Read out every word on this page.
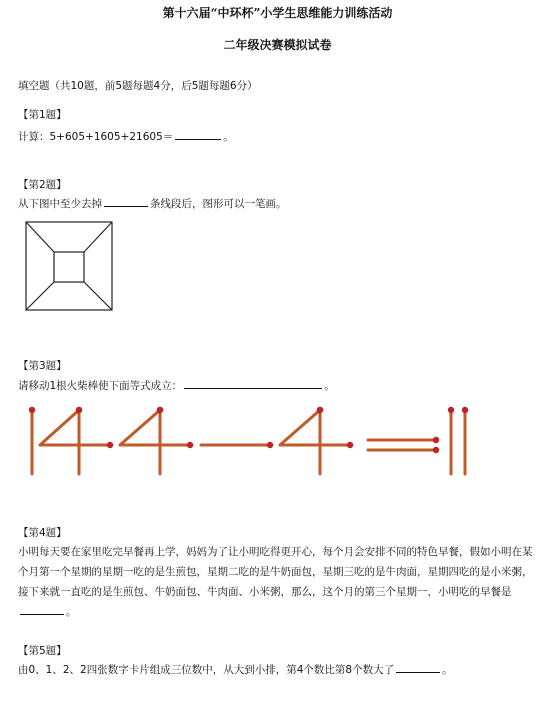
第十六届“中环杯”小学生思维能力训练活动
二年级决赛模拟试卷
填空题（共10题，前5题每题4分，后5题每题6分）
【第1题】
计算：5+605+1605+21605＝	。
【第2题】
从下图中至少去掉	条线段后，图形可以一笔画。
【第3题】
请移动1根火柴棒使下面等式成立：	。
【第4题】
小明每天要在家里吃完早餐再上学，妈妈为了让小明吃得更开心，每个月会安排不同的特色早餐，假如小明在某个月第一个星期的星期一吃的是生煎包，星期二吃的是牛奶面包，星期三吃的是牛肉面，星期四吃的是小米粥，接下来就一直吃的是生煎包、牛奶面包、牛肉面、小米粥，那么，这个月的第三个星期一，小明吃的早餐是。
【第5题】
由0、1、2、2四张数字卡片组成三位数中，从大到小排，第4个数比第8个数大了	。
